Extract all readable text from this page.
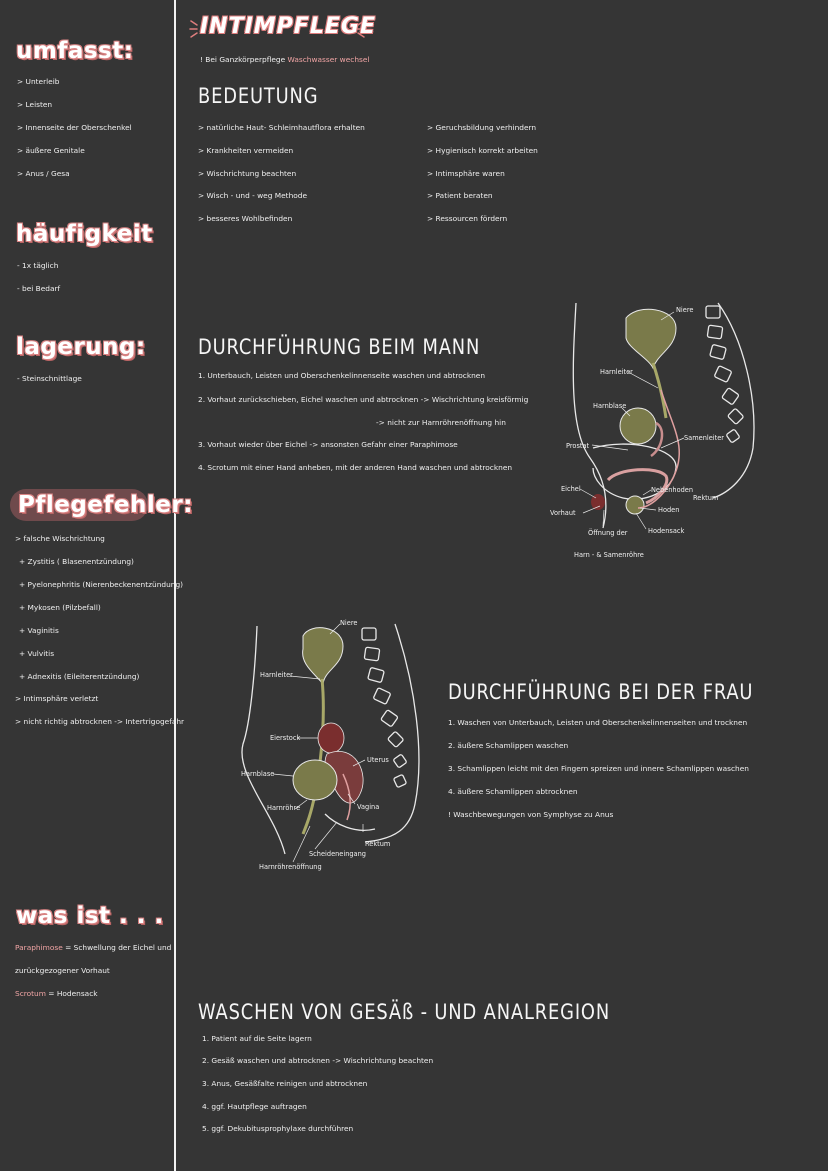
umfasst:
> Unterleib
> Leisten
> Innenseite der Oberschenkel
> äußere Genitale
> Anus / Gesa
häufigkeit
- 1x täglich
- bei Bedarf
lagerung:
- Steinschnittlage
Pflegefehler:
> falsche Wischrichtung
+ Zystitis ( Blasenentzündung)
+ Pyelonephritis (Nierenbeckenentzündung)
+ Mykosen (Pilzbefall)
+ Vaginitis
+ Vulvitis
+ Adnexitis (Eileiterentzündung)
> Intimsphäre verletzt
> nicht richtig abtrocknen -> Intertrigogefahr
was ist . . .
Paraphimose = Schwellung der Eichel und
zurückgezogener Vorhaut
Scrotum = Hodensack
INTIMPFLEGE
! Bei Ganzkörperpflege Waschwasser wechsel
BEDEUTUNG
> natürliche Haut- Schleimhautflora erhalten
> Krankheiten vermeiden
> Wischrichtung beachten
> Wisch - und - weg Methode
> besseres Wohlbefinden
> Geruchsbildung verhindern
> Hygienisch korrekt arbeiten
> Intimsphäre waren
> Patient beraten
> Ressourcen fördern
DURCHFÜHRUNG BEIM MANN
1. Unterbauch, Leisten und Oberschenkelinnenseite waschen und abtrocknen
2. Vorhaut zurückschieben, Eichel waschen und abtrocknen -> Wischrichtung kreisförmig
-> nicht zur Harnröhrenöffnung hin
3. Vorhaut wieder über Eichel -> ansonsten Gefahr einer Paraphimose
4. Scrotum mit einer Hand anheben, mit der anderen Hand waschen und abtrocknen
Niere
Harnleiter
Harnblase
Samenleiter
Prostat
Eichel	Nebenhoden
Rektum
Vorhaut	Hoden
Öffnung der	Hodensack
Harn - & Samenröhre
Niere
Harnleiter
Eierstock
Uterus
Harnblase
Harnröhre	Vagina
Rektum
Scheideneingang
Harnröhrenöffnung
DURCHFÜHRUNG BEI DER FRAU
1. Waschen von Unterbauch, Leisten und Oberschenkelinnenseiten und trocknen
2. äußere Schamlippen waschen
3. Schamlippen leicht mit den Fingern spreizen und innere Schamlippen waschen
4. äußere Schamlippen abtrocknen
! Waschbewegungen von Symphyse zu Anus
WASCHEN VON GESÄß - UND ANALREGION
1. Patient auf die Seite lagern
2. Gesäß waschen und abtrocknen -> Wischrichtung beachten
3. Anus, Gesäßfalte reinigen und abtrocknen
4. ggf. Hautpflege auftragen
5. ggf. Dekubitusprophylaxe durchführen
